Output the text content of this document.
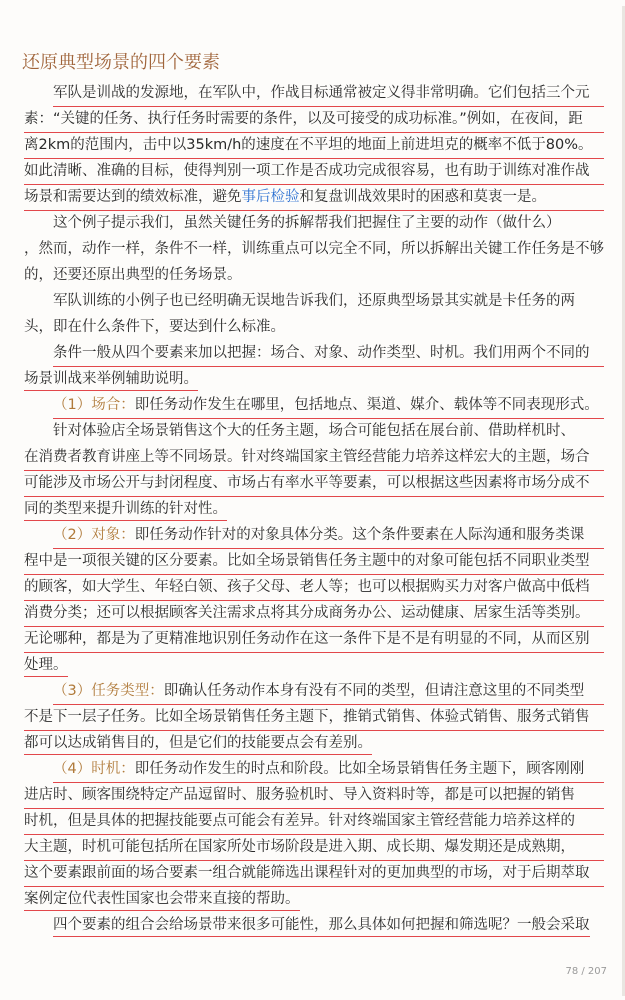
还原典型场景的四个要素
军队是训战的发源地，在军队中，作战目标通常被定义得非常明确。它们包括三个元
素：“关键的任务、执行任务时需要的条件，以及可接受的成功标准。”例如，在夜间，距
离2km的范围内，击中以35km/h的速度在不平坦的地面上前进坦克的概率不低于80%。
如此清晰、准确的目标，使得判别一项工作是否成功完成很容易，也有助于训练对准作战
场景和需要达到的绩效标准，避免事后检验和复盘训战效果时的困惑和莫衷一是。
这个例子提示我们，虽然关键任务的拆解帮我们把握住了主要的动作（做什么）
，然而，动作一样，条件不一样，训练重点可以完全不同，所以拆解出关键工作任务是不够
的，还要还原出典型的任务场景。
军队训练的小例子也已经明确无误地告诉我们，还原典型场景其实就是卡任务的两
头，即在什么条件下，要达到什么标准。
条件一般从四个要素来加以把握：场合、对象、动作类型、时机。我们用两个不同的
场景训战来举例辅助说明。
（1）场合：即任务动作发生在哪里，包括地点、渠道、媒介、载体等不同表现形式。
针对体验店全场景销售这个大的任务主题，场合可能包括在展台前、借助样机时、
在消费者教育讲座上等不同场景。针对终端国家主管经营能力培养这样宏大的主题，场合
可能涉及市场公开与封闭程度、市场占有率水平等要素，可以根据这些因素将市场分成不
同的类型来提升训练的针对性。
（2）对象：即任务动作针对的对象具体分类。这个条件要素在人际沟通和服务类课
程中是一项很关键的区分要素。比如全场景销售任务主题中的对象可能包括不同职业类型
的顾客，如大学生、年轻白领、孩子父母、老人等；也可以根据购买力对客户做高中低档
消费分类；还可以根据顾客关注需求点将其分成商务办公、运动健康、居家生活等类别。
无论哪种，都是为了更精准地识别任务动作在这一条件下是不是有明显的不同，从而区别
处理。
（3）任务类型：即确认任务动作本身有没有不同的类型，但请注意这里的不同类型
不是下一层子任务。比如全场景销售任务主题下，推销式销售、体验式销售、服务式销售
都可以达成销售目的，但是它们的技能要点会有差别。
（4）时机：即任务动作发生的时点和阶段。比如全场景销售任务主题下，顾客刚刚
进店时、顾客围绕特定产品逗留时、服务验机时、导入资料时等，都是可以把握的销售
时机，但是具体的把握技能要点可能会有差异。针对终端国家主管经营能力培养这样的
大主题，时机可能包括所在国家所处市场阶段是进入期、成长期、爆发期还是成熟期，
这个要素跟前面的场合要素一组合就能筛选出课程针对的更加典型的市场，对于后期萃取
案例定位代表性国家也会带来直接的帮助。
四个要素的组合会给场景带来很多可能性，那么具体如何把握和筛选呢？一般会采取
78 / 207
